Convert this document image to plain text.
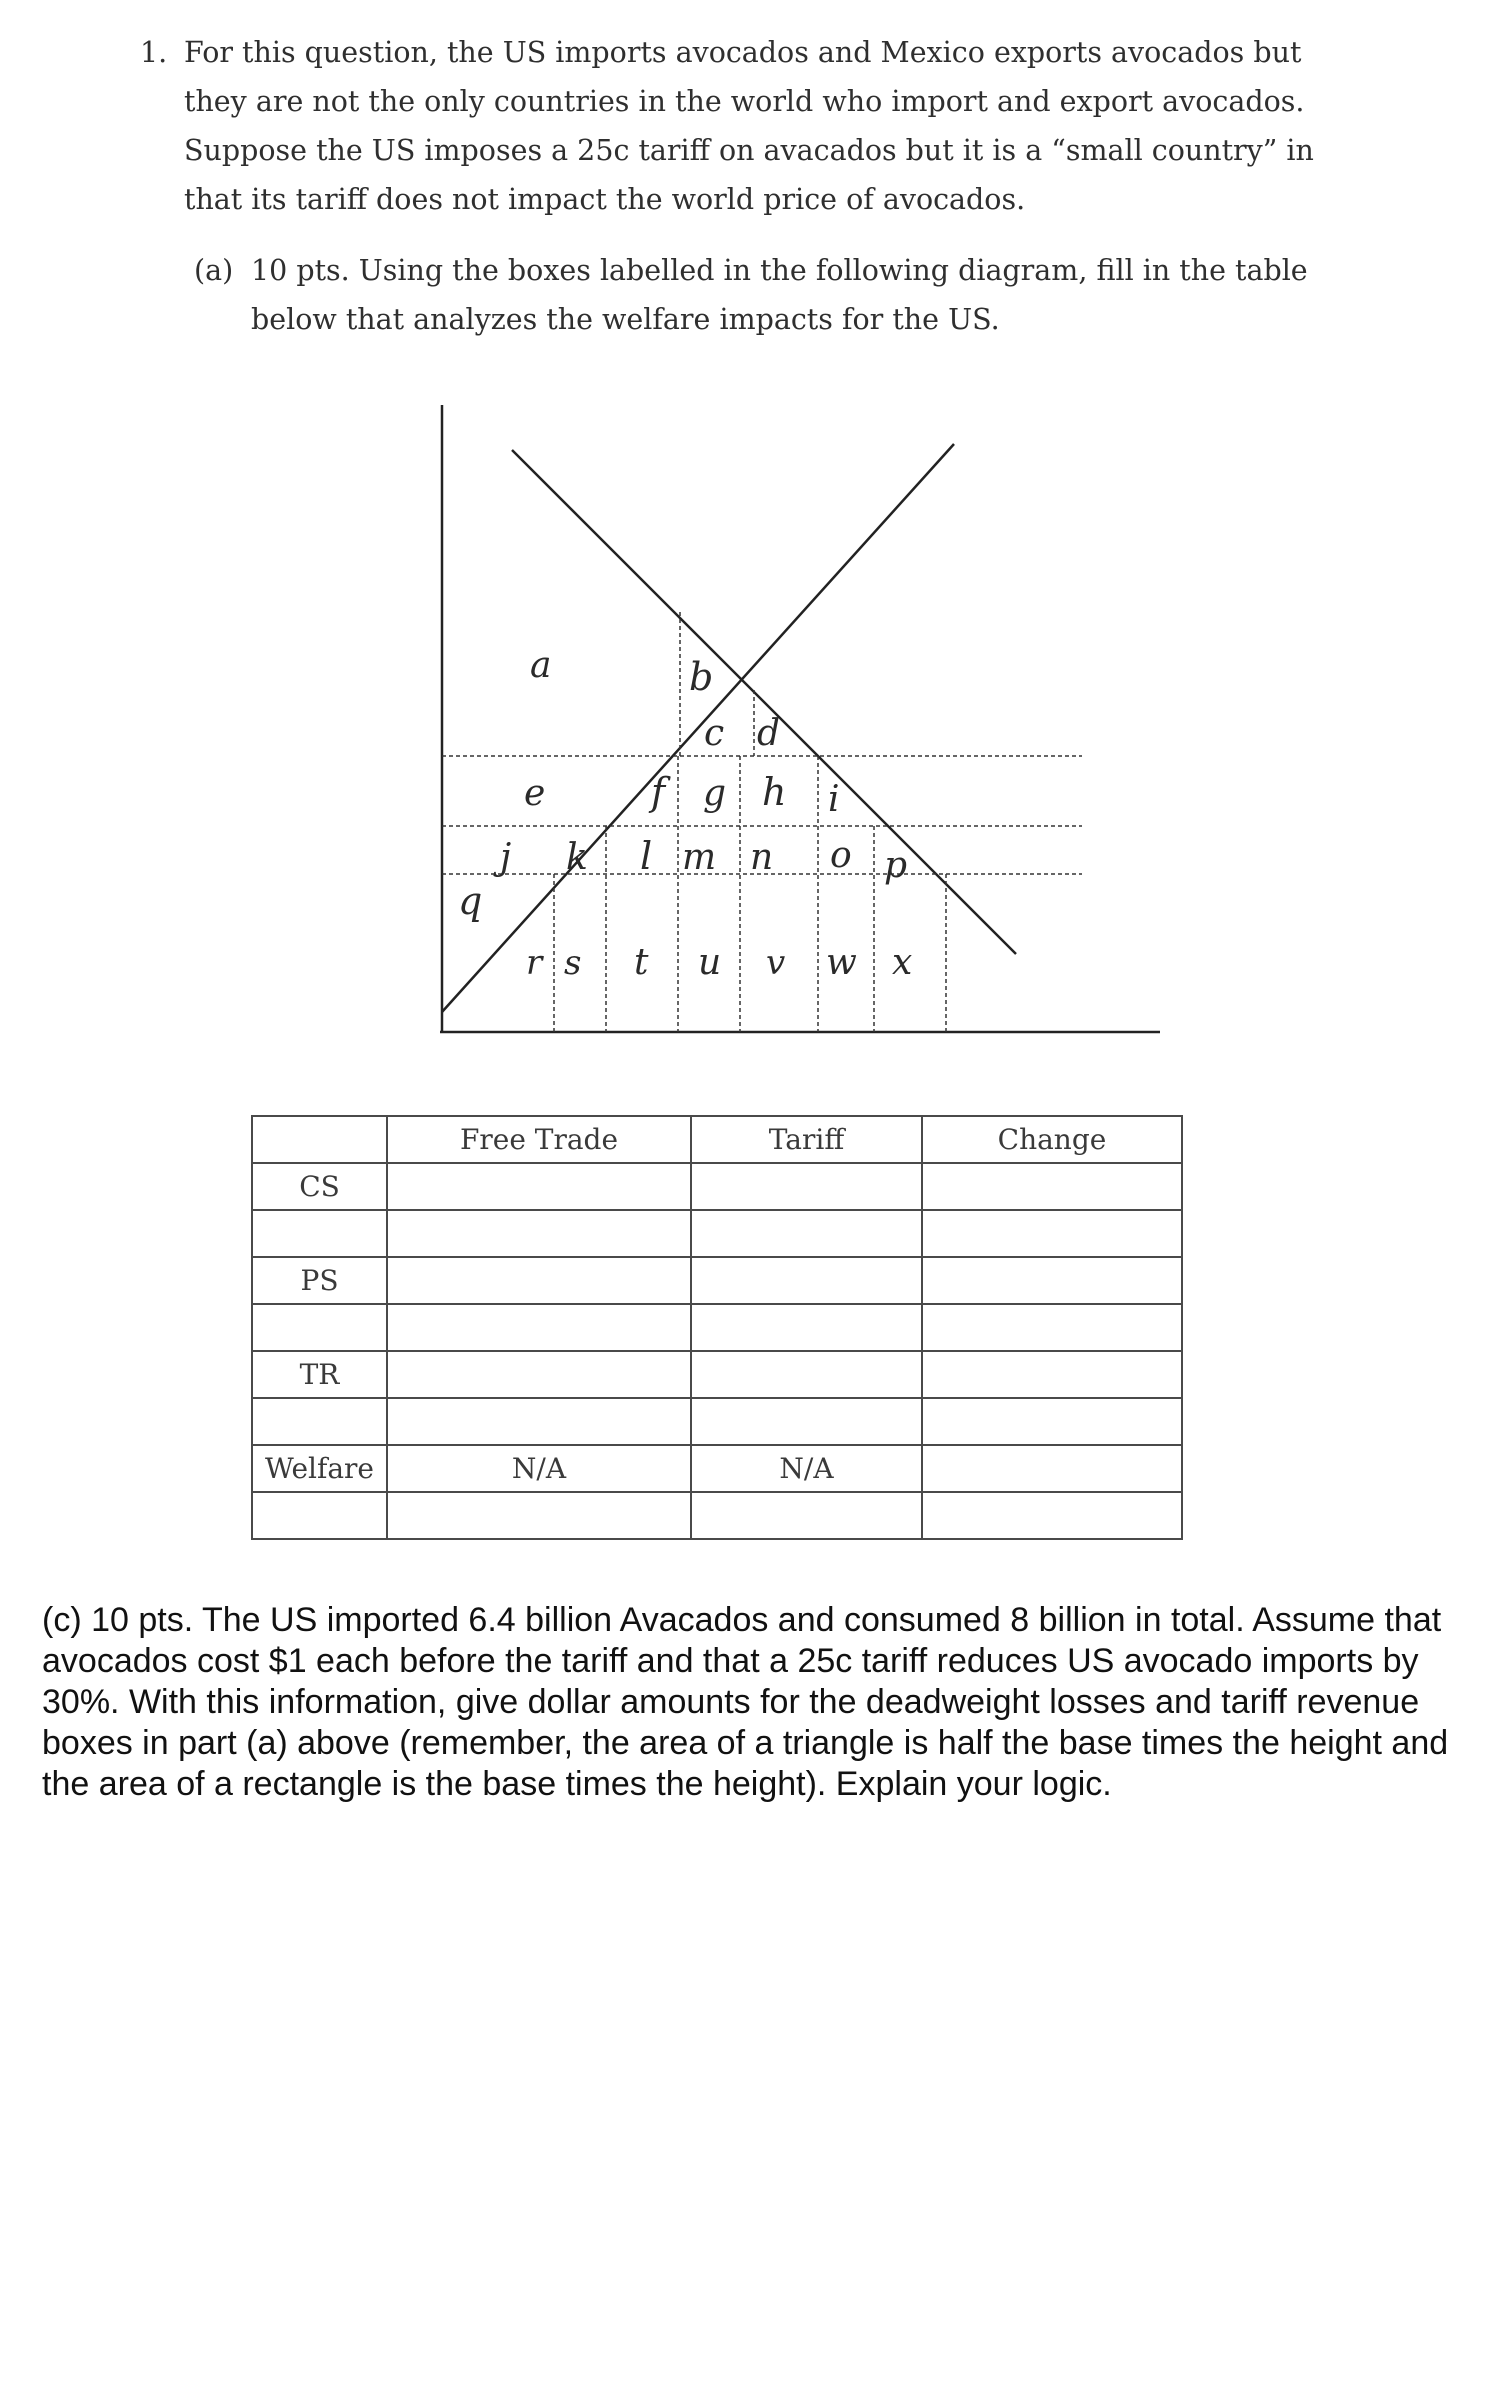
1. For this question, the US imports avocados and Mexico exports avocados but they are not the only countries in the world who import and export avocados. Suppose the US imposes a 25c tariff on avacados but it is a “small country” in that its tariff does not impact the world price of avocados.
(a) 10 pts. Using the boxes labelled in the following diagram, fill in the table below that analyzes the welfare impacts for the US.
a	b
c d
e	f g h i
j k l m n o p
q
r s t u v w x
	Free Trade	Tariff	Change
CS			

PS			

TR			

Welfare	N/A	N/A	

(c) 10 pts. The US imported 6.4 billion Avacados and consumed 8 billion in total. Assume that avocados cost $1 each before the tariff and that a 25c tariff reduces US avocado imports by 30%. With this information, give dollar amounts for the deadweight losses and tariff revenue boxes in part (a) above (remember, the area of a triangle is half the base times the height and the area of a rectangle is the base times the height). Explain your logic.
